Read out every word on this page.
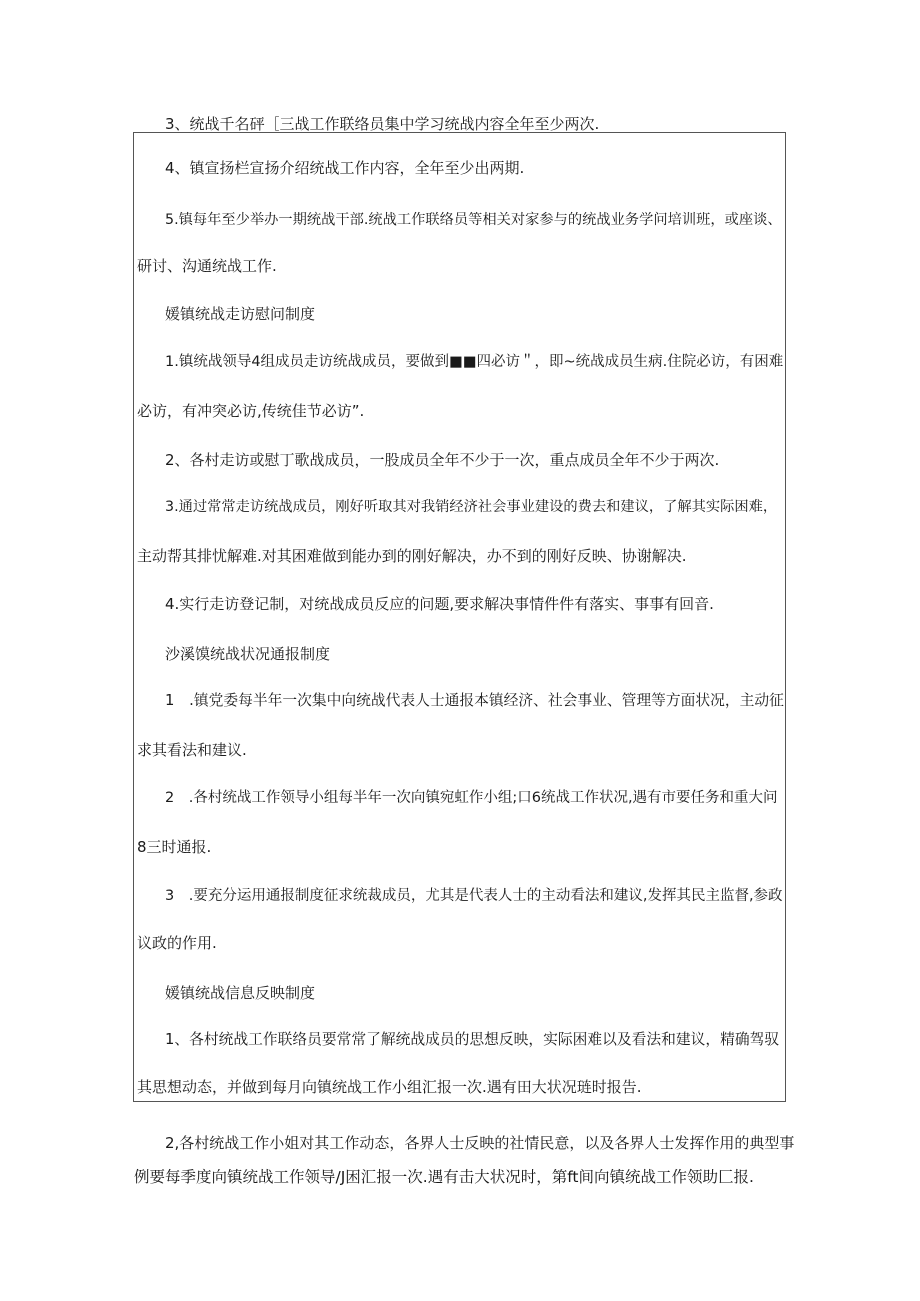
3、统战千名砰［三战工作联络员集中学习统战内容全年至少两次.
4、镇宣扬栏宣扬介绍统战工作内容，全年至少出两期.
5.镇每年至少举办一期统战干部.统战工作联络员等相关对家参与的统战业务学问培训班，或座谈、
研讨、沟通统战工作.
媛镇统战走访慰问制度
1.镇统战领导4组成员走访统战成员，要做到■■四必访＂，即~统战成员生病.住院必访，有困难
必访，有冲突必访,传统佳节必访”.
2、各村走访或慰丁歌战成员，一股成员全年不少于一次，重点成员全年不少于两次.
3.通过常常走访统战成员，刚好听取其对我销经济社会事业建设的费去和建议，了解其实际困难，
主动帮其排忧解难.对其困难做到能办到的刚好解决，办不到的刚好反映、协谢解决.
4.实行走访登记制，对统战成员反应的问题,要求解决事情件件有落实、事事有回音.
沙溪馍统战状况通报制度
1　.镇党委每半年一次集中向统战代表人士通报本镇经济、社会事业、管理等方面状况，主动征
求其看法和建议.
2　.各村统战工作领导小组每半年一次向镇宛虹作小组;口6统战工作状况,遇有市要任务和重大问
8三时通报.
3　.要充分运用通报制度征求统裁成员，尤其是代表人士的主动看法和建议,发挥其民主监督,参政
议政的作用.
媛镇统战信息反映制度
1、各村统战工作联络员要常常了解统战成员的思想反映，实际困难以及看法和建议，精确驾驭
其思想动态，并做到每月向镇统战工作小组汇报一次.遇有田大状况琏时报告.
2,各村统战工作小姐对其工作动态，各界人士反映的社情民意，以及各界人士发挥作用的典型事
例要每季度向镇统战工作领导/J困汇报一次.遇有击大状况时，第ft间向镇统战工作领助匚报.
